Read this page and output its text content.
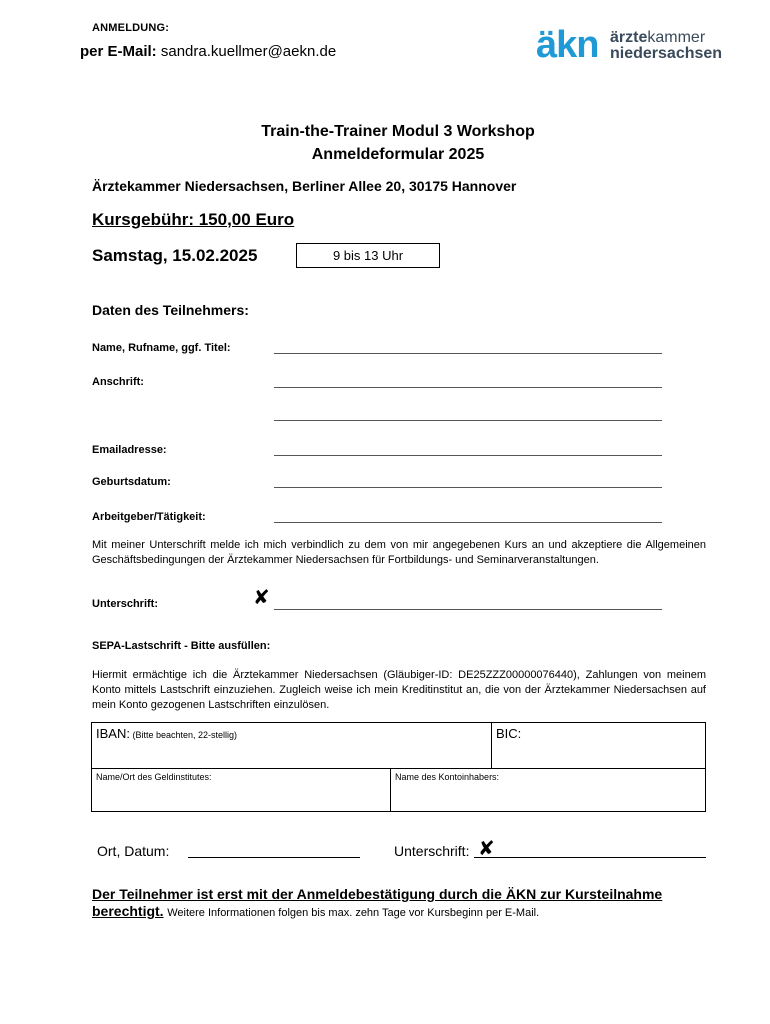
ANMELDUNG:
per E-Mail: sandra.kuellmer@aekn.de	äkn ärztekammer
niedersachsen
Train-the-Trainer Modul 3 Workshop
Anmeldeformular 2025
Ärztekammer Niedersachsen, Berliner Allee 20, 30175 Hannover
Kursgebühr: 150,00 Euro
Samstag, 15.02.2025	9 bis 13 Uhr
Daten des Teilnehmers:
Name, Rufname, ggf. Titel:
Anschrift:
Emailadresse:
Geburtsdatum:
Arbeitgeber/Tätigkeit:
Mit meiner Unterschrift melde ich mich verbindlich zu dem von mir angegebenen Kurs an und akzeptiere die Allgemeinen Geschäftsbedingungen der Ärztekammer Niedersachsen für Fortbildungs- und Seminarveranstaltungen.
Unterschrift:	✘
SEPA-Lastschrift - Bitte ausfüllen:
Hiermit ermächtige ich die Ärztekammer Niedersachsen (Gläubiger-ID: DE25ZZZ00000076440), Zahlungen von meinem Konto mittels Lastschrift einzuziehen. Zugleich weise ich mein Kreditinstitut an, die von der Ärztekammer Niedersachsen auf mein Konto gezogenen Lastschriften einzulösen.
IBAN: (Bitte beachten, 22-stellig)		BIC:
Name/Ort des Geldinstitutes:	Name des Kontoinhabers:	
Ort, Datum:	Unterschrift: ✘
Der Teilnehmer ist erst mit der Anmeldebestätigung durch die ÄKN zur Kursteilnahme berechtigt. Weitere Informationen folgen bis max. zehn Tage vor Kursbeginn per E-Mail.
